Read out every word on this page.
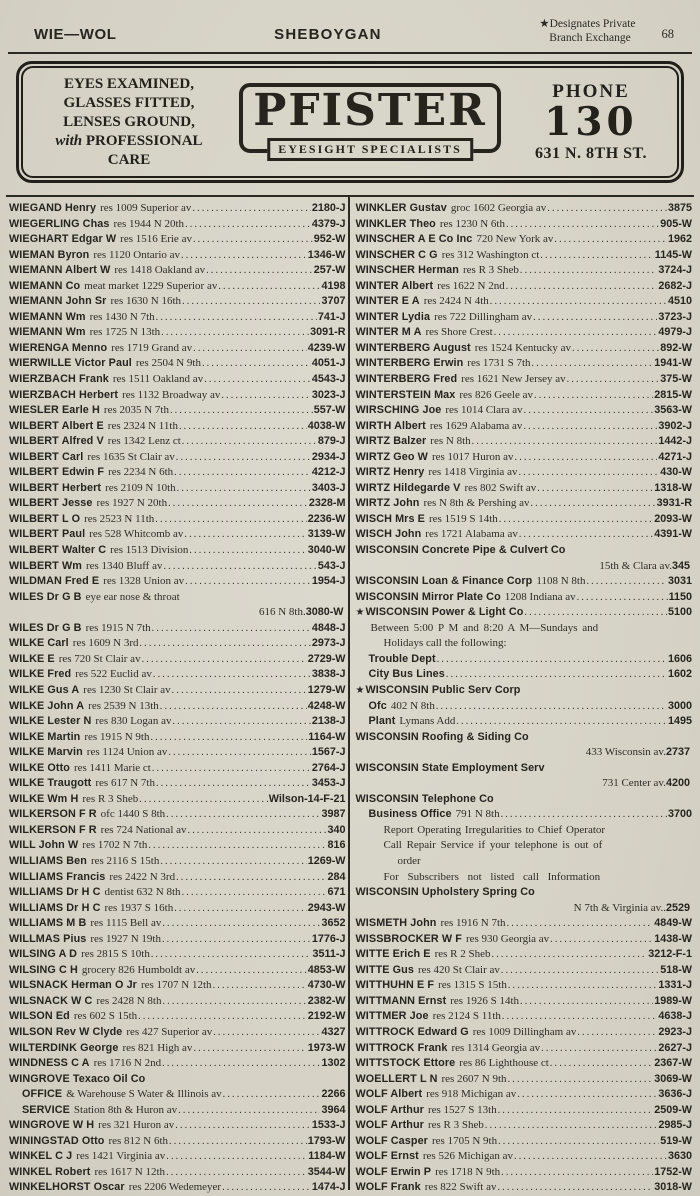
WIE—WOL	SHEBOYGAN
★Designates Private
Branch Exchange	68
EYES EXAMINED,
GLASSES FITTED,
LENSES GROUND,
with PROFESSIONAL
CARE
PFISTER
EYESIGHT SPECIALISTS
PHONE
130
631 N. 8TH ST.
WIEGAND Henry res 1009 Superior av .....	2180-J
WIEGERLING Chas res 1944 N 20th .....	4379-J
WIEGHART Edgar W res 1516 Erie av .....	952-W
WIEMAN Byron res 1120 Ontario av .....	1346-W
WIEMANN Albert W res 1418 Oakland av .....	257-W
WIEMANN Co meat market 1229 Superior av .....	4198
WIEMANN John Sr res 1630 N 16th .....	3707
WIEMANN Wm res 1430 N 7th .....	741-J
WIEMANN Wm res 1725 N 13th .....	3091-R
WIERENGA Menno res 1719 Grand av .....	4239-W
WIERWILLE Victor Paul res 2504 N 9th .....	4051-J
WIERZBACH Frank res 1511 Oakland av .....	4543-J
WIERZBACH Herbert res 1132 Broadway av .....	3023-J
WIESLER Earle H res 2035 N 7th .....	557-W
WILBERT Albert E res 2324 N 11th .....	4038-W
WILBERT Alfred V res 1342 Lenz ct .....	879-J
WILBERT Carl res 1635 St Clair av .....	2934-J
WILBERT Edwin F res 2234 N 6th .....	4212-J
WILBERT Herbert res 2109 N 10th .....	3403-J
WILBERT Jesse res 1927 N 20th .....	2328-M
WILBERT L O res 2523 N 11th .....	2236-W
WILBERT Paul res 528 Whitcomb av .....	3139-W
WILBERT Walter C res 1513 Division .....	3040-W
WILBERT Wm res 1340 Bluff av .....	543-J
WILDMAN Fred E res 1328 Union av .....	1954-J
WILES Dr G B eye ear nose & throat
616 N 8th. 3080-W
WILES Dr G B res 1915 N 7th .....	4848-J
WILKE Carl res 1609 N 3rd .....	2973-J
WILKE E res 720 St Clair av .....	2729-W
WILKE Fred res 522 Euclid av .....	3838-J
WILKE Gus A res 1230 St Clair av .....	1279-W
WILKE John A res 2539 N 13th .....	4248-W
WILKE Lester N res 830 Logan av .....	2138-J
WILKE Martin res 1915 N 9th .....	1164-W
WILKE Marvin res 1124 Union av .....	1567-J
WILKE Otto res 1411 Marie ct .....	2764-J
WILKE Traugott res 617 N 7th .....	3453-J
WILKE Wm H res R 3 Sheb .....	Wilson-14-F-21
WILKERSON F R ofc 1440 S 8th .....	3987
WILKERSON F R res 724 National av .....	340
WILL John W res 1702 N 7th .....	816
WILLIAMS Ben res 2116 S 15th .....	1269-W
WILLIAMS Francis res 2422 N 3rd .....	284
WILLIAMS Dr H C dentist 632 N 8th .....	671
WILLIAMS Dr H C res 1937 S 16th .....	2943-W
WILLIAMS M B res 1115 Bell av .....	3652
WILLMAS Pius res 1927 N 19th .....	1776-J
WILSING A D res 2815 S 10th .....	3511-J
WILSING C H grocery 826 Humboldt av .....	4853-W
WILSNACK Herman O Jr res 1707 N 12th .....	4730-W
WILSNACK W C res 2428 N 8th .....	2382-W
WILSON Ed res 602 S 15th .....	2192-W
WILSON Rev W Clyde res 427 Superior av .....	4327
WILTERDINK George res 821 High av .....	1973-W
WINDNESS C A res 1716 N 2nd .....	1302
WINGROVE Texaco Oil Co
OFFICE & Warehouse S Water & Illinois av .....	2266
SERVICE Station 8th & Huron av .....	3964
WINGROVE W H res 321 Huron av .....	1533-J
WININGSTAD Otto res 812 N 6th .....	1793-W
WINKEL C J res 1421 Virginia av .....	1184-W
WINKEL Robert res 1617 N 12th .....	3544-W
WINKELHORST Oscar res 2206 Wedemeyer .....	1474-J
WINKLER Gustav groc 1602 Georgia av .....	3875
WINKLER Theo res 1230 N 6th .....	905-W
WINSCHER A E Co Inc 720 New York av .....	1962
WINSCHER C G res 312 Washington ct .....	1145-W
WINSCHER Herman res R 3 Sheb .....	3724-J
WINTER Albert res 1622 N 2nd .....	2682-J
WINTER E A res 2424 N 4th .....	4510
WINTER Lydia res 722 Dillingham av .....	3723-J
WINTER M A res Shore Crest .....	4979-J
WINTERBERG August res 1524 Kentucky av .....	892-W
WINTERBERG Erwin res 1731 S 7th .....	1941-W
WINTERBERG Fred res 1621 New Jersey av .....	375-W
WINTERSTEIN Max res 826 Geele av .....	2815-W
WIRSCHING Joe res 1014 Clara av .....	3563-W
WIRTH Albert res 1629 Alabama av .....	3902-J
WIRTZ Balzer res N 8th .....	1442-J
WIRTZ Geo W res 1017 Huron av .....	4271-J
WIRTZ Henry res 1418 Virginia av .....	430-W
WIRTZ Hildegarde V res 802 Swift av .....	1318-W
WIRTZ John res N 8th & Pershing av .....	3931-R
WISCH Mrs E res 1519 S 14th .....	2093-W
WISCH John res 1721 Alabama av .....	4391-W
WISCONSIN Concrete Pipe & Culvert Co
15th & Clara av. 345
WISCONSIN Loan & Finance Corp 1108 N 8th .....	3031
WISCONSIN Mirror Plate Co 1208 Indiana av .....	1150
★ WISCONSIN Power & Light Co .....	5100
Between 5:00 P M and 8:20 A M—Sundays and
Holidays call the following:
Trouble Dept .....	1606
City Bus Lines .....	1602
★ WISCONSIN Public Serv Corp
Ofc 402 N 8th .....	3000
Plant Lymans Add .....	1495
WISCONSIN Roofing & Siding Co
433 Wisconsin av. 2737
WISCONSIN State Employment Serv
731 Center av. 4200
WISCONSIN Telephone Co
Business Office 791 N 8th .....	3700
Report Operating Irregularities to Chief Operator
Call Repair Service if your telephone is out of
order
For Subscribers not listed call Information
WISCONSIN Upholstery Spring Co
N 7th & Virginia av.. 2529
WISMETH John res 1916 N 7th .....	4849-W
WISSBROCKER W F res 930 Georgia av .....	1438-W
WITTE Erich E res R 2 Sheb .....	3212-F-1
WITTE Gus res 420 St Clair av .....	518-W
WITTHUHN E F res 1315 S 15th .....	1331-J
WITTMANN Ernst res 1926 S 14th .....	1989-W
WITTMER Joe res 2124 S 11th .....	4638-J
WITTROCK Edward G res 1009 Dillingham av .....	2923-J
WITTROCK Frank res 1314 Georgia av .....	2627-J
WITTSTOCK Ettore res 86 Lighthouse ct .....	2367-W
WOELLERT L N res 2607 N 9th .....	3069-W
WOLF Albert res 918 Michigan av .....	3636-J
WOLF Arthur res 1527 S 13th .....	2509-W
WOLF Arthur res R 3 Sheb .....	2985-J
WOLF Casper res 1705 N 9th .....	519-W
WOLF Ernst res 526 Michigan av .....	3630
WOLF Erwin P res 1718 N 9th .....	1752-W
WOLF Frank res 822 Swift av .....	3018-W
